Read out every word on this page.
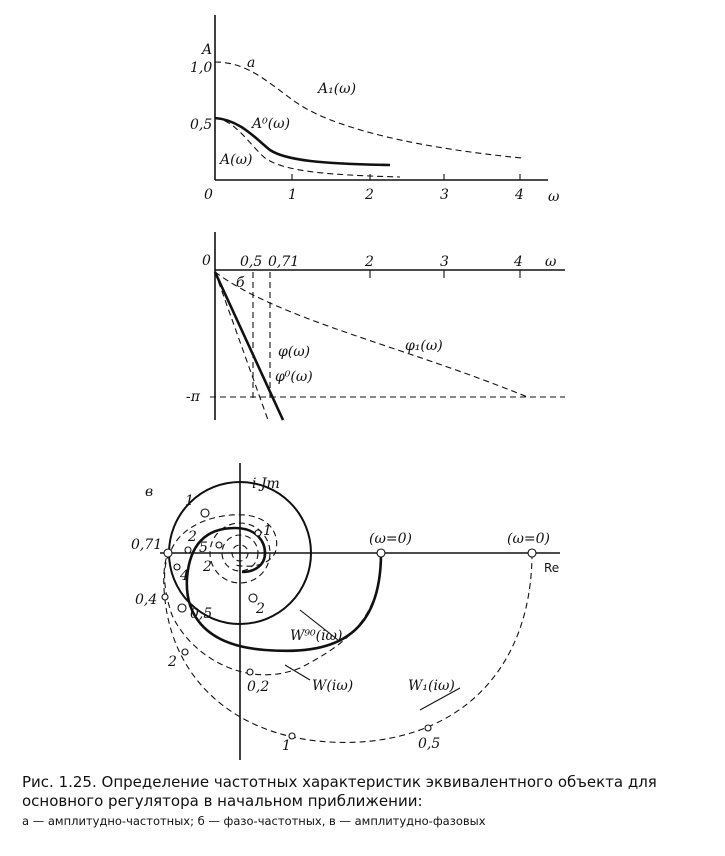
A
1,0
0,5
0	1	2	3	4 ω
a
A₁(ω)
A⁰(ω)
A(ω)
0 0,5 0,71	2	3	4 ω
-π
б
φ₁(ω)
φ(ω)
φ⁰(ω)
i Jm
Re
в
(ω=0)	(ω=0)
1
0,71
2
1
2
5
2
4
0,4
0,5
2
0,2
1	0,5
W⁹⁰(iω)
W(iω)	W₁(iω)
Рис. 1.25. Определение частотных характеристик эквивалентного объекта для основного регулятора в начальном приближении:
а — амплитудно-частотных; б — фазо-частотных, в — амплитудно-фазовых
